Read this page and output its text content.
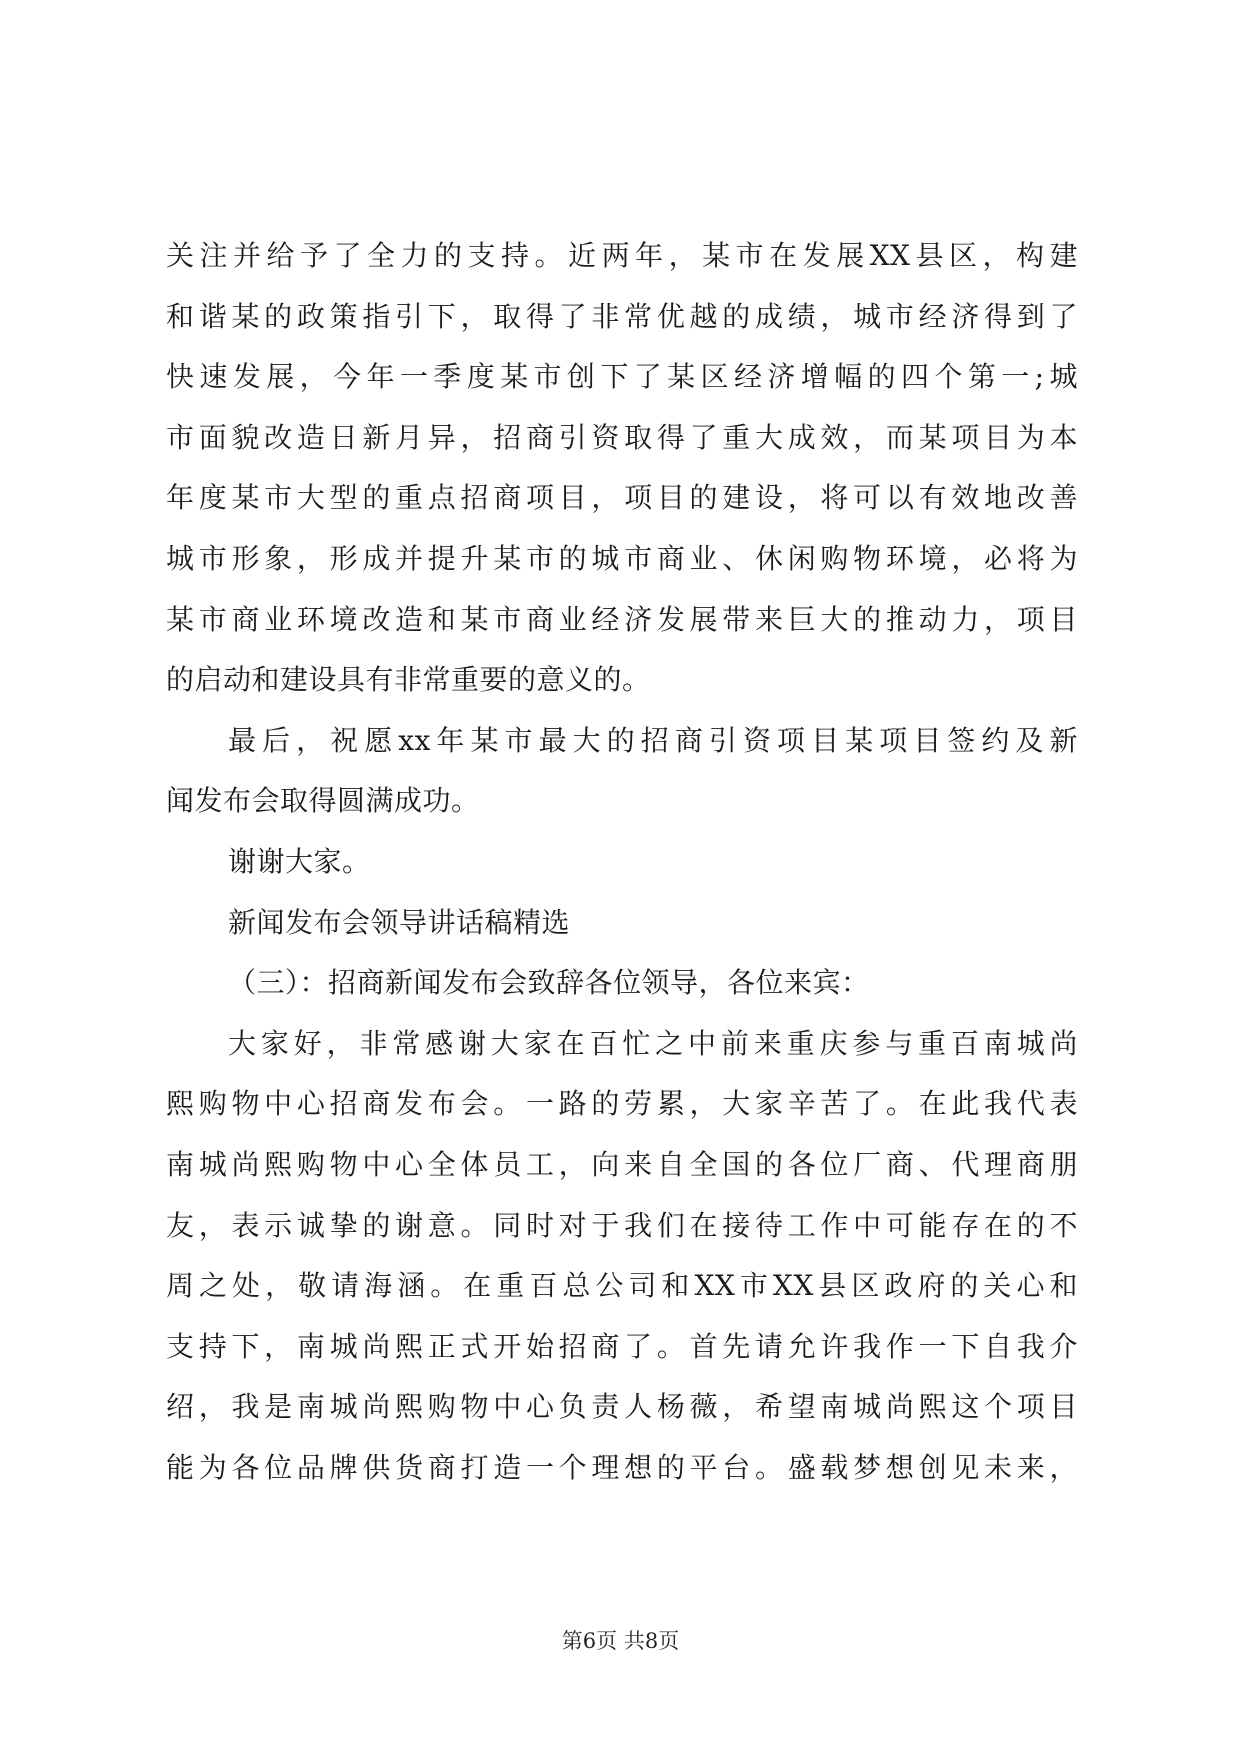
关注并给予了全力的支持。近两年，某市在发展XX县区，构建
和谐某的政策指引下，取得了非常优越的成绩，城市经济得到了
快速发展，今年一季度某市创下了某区经济增幅的四个第一;城
市面貌改造日新月异，招商引资取得了重大成效，而某项目为本
年度某市大型的重点招商项目，项目的建设，将可以有效地改善
城市形象，形成并提升某市的城市商业、休闲购物环境，必将为
某市商业环境改造和某市商业经济发展带来巨大的推动力，项目
的启动和建设具有非常重要的意义的。
最后，祝愿xx年某市最大的招商引资项目某项目签约及新
闻发布会取得圆满成功。
谢谢大家。
新闻发布会领导讲话稿精选
（三）：招商新闻发布会致辞各位领导，各位来宾：
大家好，非常感谢大家在百忙之中前来重庆参与重百南城尚
熙购物中心招商发布会。一路的劳累，大家辛苦了。在此我代表
南城尚熙购物中心全体员工，向来自全国的各位厂商、代理商朋
友，表示诚挚的谢意。同时对于我们在接待工作中可能存在的不
周之处，敬请海涵。在重百总公司和XX市XX县区政府的关心和
支持下，南城尚熙正式开始招商了。首先请允许我作一下自我介
绍，我是南城尚熙购物中心负责人杨薇，希望南城尚熙这个项目
能为各位品牌供货商打造一个理想的平台。盛载梦想创见未来，
第6页 共8页
